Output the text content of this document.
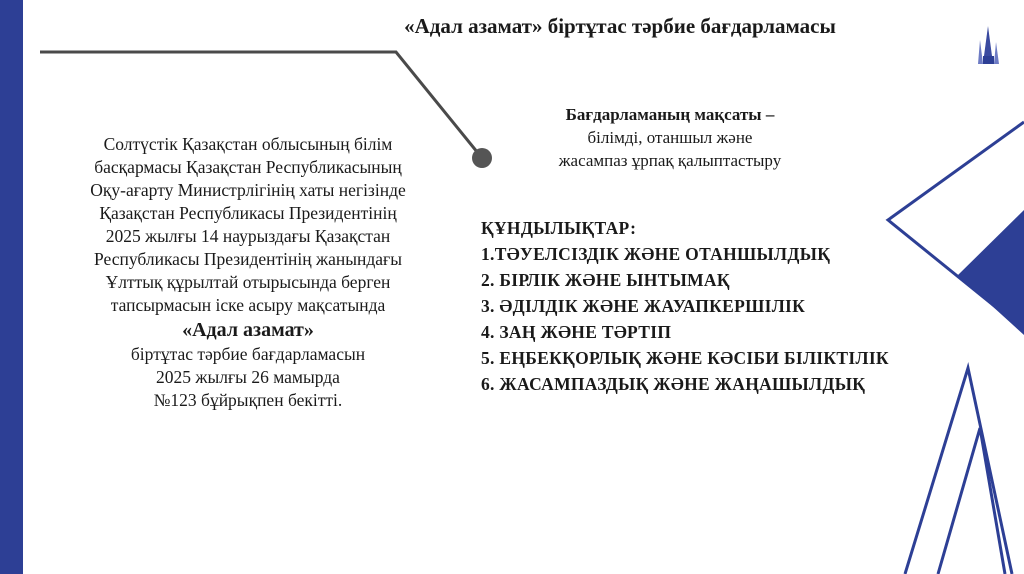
«Адал азамат» біртұтас тәрбие бағдарламасы
Солтүстік Қазақстан облысының білім
басқармасы Қазақстан Республикасының
Оқу-ағарту Министрлігінің хаты негізінде
Қазақстан Республикасы Президентінің
2025 жылғы 14 наурыздағы Қазақстан
Республикасы Президентінің жанындағы
Ұлттық құрылтай отырысында берген
тапсырмасын іске асыру мақсатында
«Адал азамат»
біртұтас тәрбие бағдарламасын
2025 жылғы 26 мамырда
№123 бұйрықпен бекітті.
Бағдарламаның мақсаты –
білімді, отаншыл және
жасампаз ұрпақ қалыптастыру
ҚҰНДЫЛЫҚТАР:
1.ТӘУЕЛСІЗДІК ЖӘНЕ ОТАНШЫЛДЫҚ
2. БІРЛІК ЖӘНЕ ЫНТЫМАҚ
3. ӘДІЛДІК ЖӘНЕ ЖАУАПКЕРШІЛІК
4. ЗАҢ ЖӘНЕ ТӘРТІП
5. ЕҢБЕКҚОРЛЫҚ ЖӘНЕ КӘСІБИ БІЛІКТІЛІК
6. ЖАСАМПАЗДЫҚ ЖӘНЕ ЖАҢАШЫЛДЫҚ
